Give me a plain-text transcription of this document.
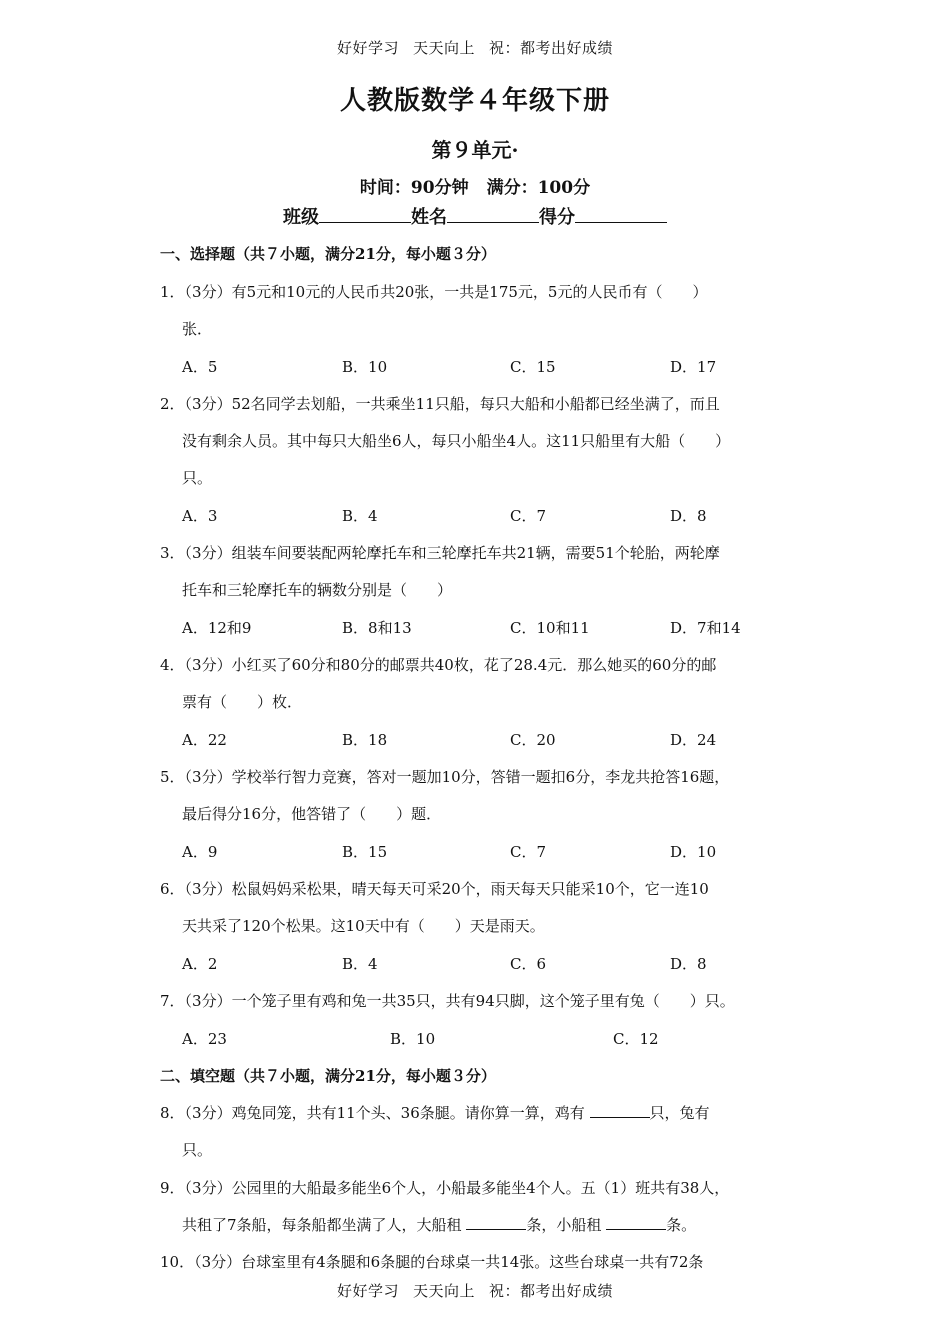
好好学习 天天向上 祝：都考出好成绩
人教版数学４年级下册
第９单元·
时间：90分钟 满分：100分
班级	姓名	得分
一、选择题（共７小题，满分21分，每小题３分）
1．（3分）有5元和10元的人民币共20张，一共是175元，5元的人民币有（　　）
张．
A．5	B．10	C．15	D．17
2．（3分）52名同学去划船，一共乘坐11只船，每只大船和小船都已经坐满了，而且
没有剩余人员。其中每只大船坐6人，每只小船坐4人。这11只船里有大船（　　）
只。
A．3	B．4	C．7	D．8
3．（3分）组装车间要装配两轮摩托车和三轮摩托车共21辆，需要51个轮胎，两轮摩
托车和三轮摩托车的辆数分别是（　　）
A．12和9	B．8和13	C．10和11	D．7和14
4．（3分）小红买了60分和80分的邮票共40枚，花了28.4元．那么她买的60分的邮
票有（　　）枚．
A．22	B．18	C．20	D．24
5．（3分）学校举行智力竞赛，答对一题加10分，答错一题扣6分，李龙共抢答16题，
最后得分16分，他答错了（　　）题．
A．9	B．15	C．7	D．10
6．（3分）松鼠妈妈采松果，晴天每天可采20个，雨天每天只能采10个，它一连10
天共采了120个松果。这10天中有（　　）天是雨天。
A．2	B．4	C．6	D．8
7．（3分）一个笼子里有鸡和兔一共35只，共有94只脚，这个笼子里有兔（　　）只。
A．23	B．10	C．12
二、填空题（共７小题，满分21分，每小题３分）
8．（3分）鸡兔同笼，共有11个头、36条腿。请你算一算，鸡有	只，兔有
只。
9．（3分）公园里的大船最多能坐6个人，小船最多能坐4个人。五（1）班共有38人，
共租了7条船，每条船都坐满了人，大船租	条，小船租	条。
10．（3分）台球室里有4条腿和6条腿的台球桌一共14张。这些台球桌一共有72条
好好学习 天天向上 祝：都考出好成绩
